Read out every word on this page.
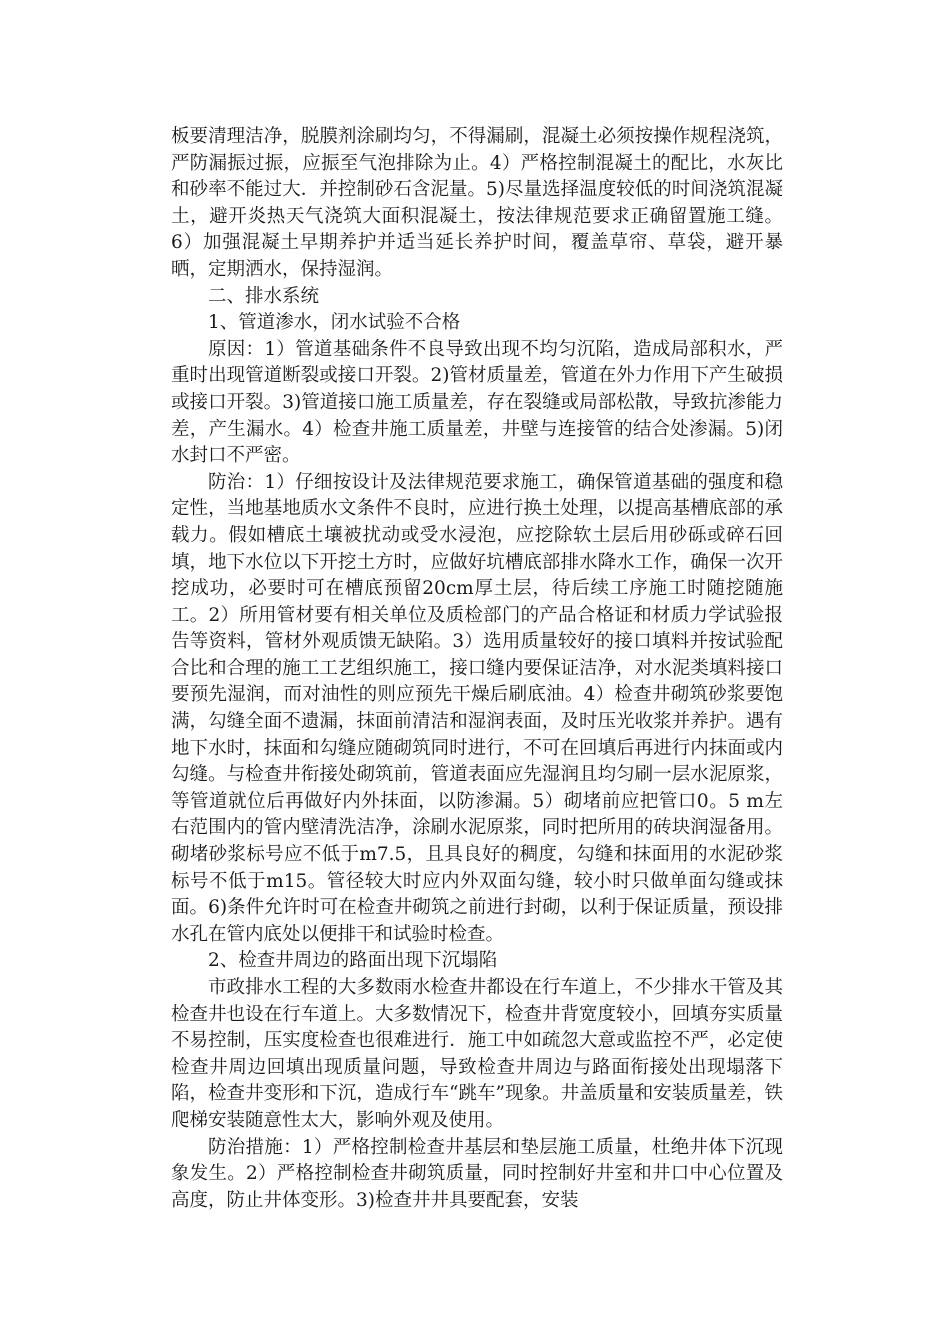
板要清理洁净，脱膜剂涂刷均匀，不得漏刷，混凝土必须按操作规程浇筑，严防漏振过振，应振至气泡排除为止。4）严格控制混凝土的配比，水灰比和砂率不能过大．并控制砂石含泥量。5)尽量选择温度较低的时间浇筑混凝土，避开炎热天气浇筑大面积混凝土，按法律规范要求正确留置施工缝。6）加强混凝土早期养护并适当延长养护时间，覆盖草帘、草袋，避开暴晒，定期洒水，保持湿润。

二、排水系统

1、管道渗水，闭水试验不合格

原因：1）管道基础条件不良导致出现不均匀沉陷，造成局部积水，严重时出现管道断裂或接口开裂。2)管材质量差，管道在外力作用下产生破损或接口开裂。3)管道接口施工质量差，存在裂缝或局部松散，导致抗渗能力差，产生漏水。4）检查井施工质量差，井壁与连接管的结合处渗漏。5)闭水封口不严密。

防治：1）仔细按设计及法律规范要求施工，确保管道基础的强度和稳定性，当地基地质水文条件不良时，应进行换土处理，以提高基槽底部的承载力。假如槽底土壤被扰动或受水浸泡，应挖除软土层后用砂砾或碎石回填，地下水位以下开挖土方时，应做好坑槽底部排水降水工作，确保一次开挖成功，必要时可在槽底预留20cm厚土层，待后续工序施工时随挖随施工。2）所用管材要有相关单位及质检部门的产品合格证和材质力学试验报告等资料，管材外观质馈无缺陷。3）选用质量较好的接口填料并按试验配合比和合理的施工工艺组织施工，接口缝内要保证洁净，对水泥类填料接口要预先湿润，而对油性的则应预先干燥后刷底油。4）检查井砌筑砂浆要饱满，勾缝全面不遗漏，抹面前清洁和湿润表面，及时压光收浆并养护。遇有地下水时，抹面和勾缝应随砌筑同时进行，不可在回填后再进行内抹面或内勾缝。与检查井衔接处砌筑前，管道表面应先湿润且均匀刷一层水泥原浆，等管道就位后再做好内外抹面，以防渗漏。5）砌堵前应把管口0。5 m左右范围内的管内壁清洗洁净，涂刷水泥原浆，同时把所用的砖块润湿备用。砌堵砂浆标号应不低于m7.5，且具良好的稠度，勾缝和抹面用的水泥砂浆标号不低于m15。管径较大时应内外双面勾缝，较小时只做单面勾缝或抹面。6)条件允许时可在检查井砌筑之前进行封砌，以利于保证质量，预设排水孔在管内底处以便排干和试验时检查。

2、检查井周边的路面出现下沉塌陷

市政排水工程的大多数雨水检查井都设在行车道上，不少排水干管及其检查井也设在行车道上。大多数情况下，检查井背宽度较小，回填夯实质量不易控制，压实度检查也很难进行．施工中如疏忽大意或监控不严，必定使检查井周边回填出现质量问题，导致检查井周边与路面衔接处出现塌落下陷，检查井变形和下沉，造成行车“跳车”现象。井盖质量和安装质量差，铁爬梯安装随意性太大，影响外观及使用。

防治措施：1）严格控制检查井基层和垫层施工质量，杜绝井体下沉现象发生。2）严格控制检查井砌筑质量，同时控制好井室和井口中心位置及高度，防止井体变形。3)检查井井具要配套，安装
